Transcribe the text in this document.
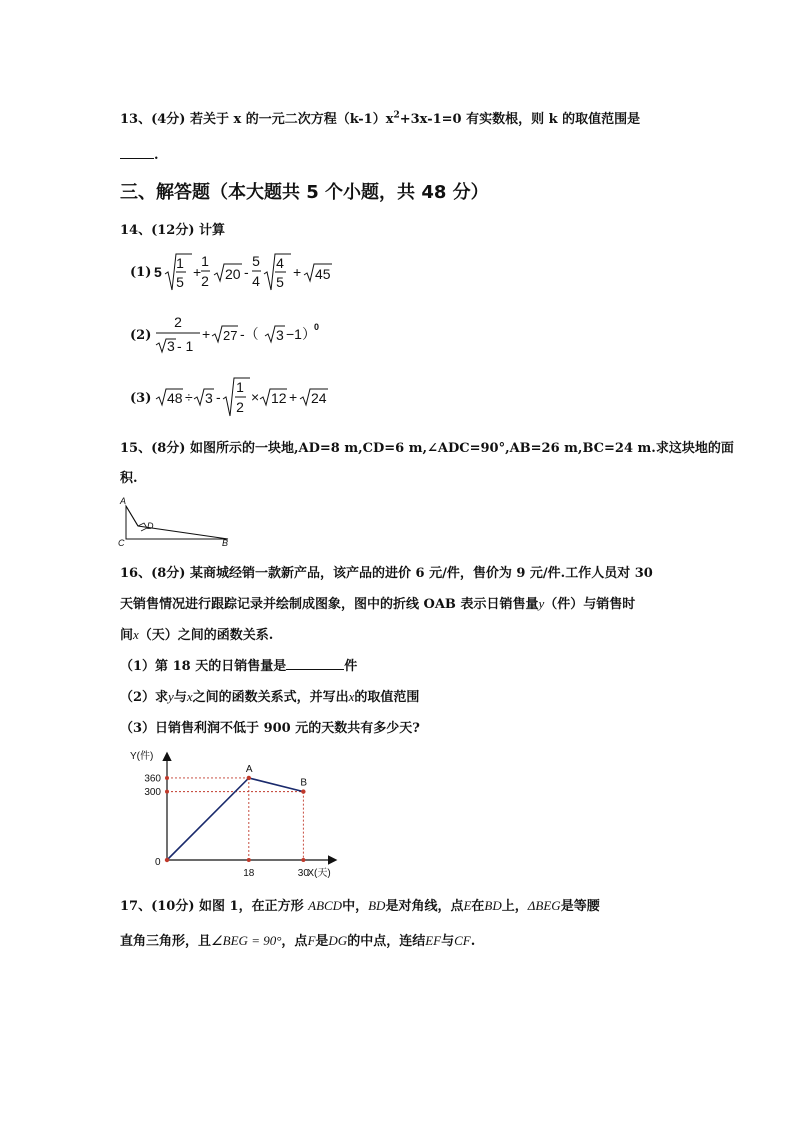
13、(4分) 若关于 x 的一元二次方程$(k-1)x^2+3x-1=0$ 有实数根，则 k 的取值范围是
.
三、解答题（本大题共 5 个小题，共 48 分）
14、(12分) 计算
(1) 5
1
5
+
1
2 20 -
5
4
4
5
+ 45
(2)
2
3 - 1
+ 27 -（ 3 −1）
0
(3) 48 ÷ 3 -
1
2
× 12 + 24
15、(8分) 如图所示的一块地,AD=8 m,CD=6 m,∠ADC=90°,AB=26 m,BC=24 m.求这块地的面
积.
A
D
C	B
16、(8分) 某商城经销一款新产品，该产品的进价 6 元/件，售价为 9 元/件.工作人员对 30
天销售情况进行跟踪记录并绘制成图象，图中的折线 OAB 表示日销售量y（件）与销售时
间x（天）之间的函数关系.
（1）第 18 天的日销售量是	件
（2）求y与x之间的函数关系式，并写出x的取值范围
（3）日销售利润不低于 900 元的天数共有多少天?
Y(件)
X(天)
0
A
B
360
300
18	30
17、(10分) 如图 1，在正方形 ABCD中，BD是对角线，点E在BD上，ΔBEG是等腰
直角三角形，且∠BEG = 90°，点F是DG的中点，连结EF与CF.
